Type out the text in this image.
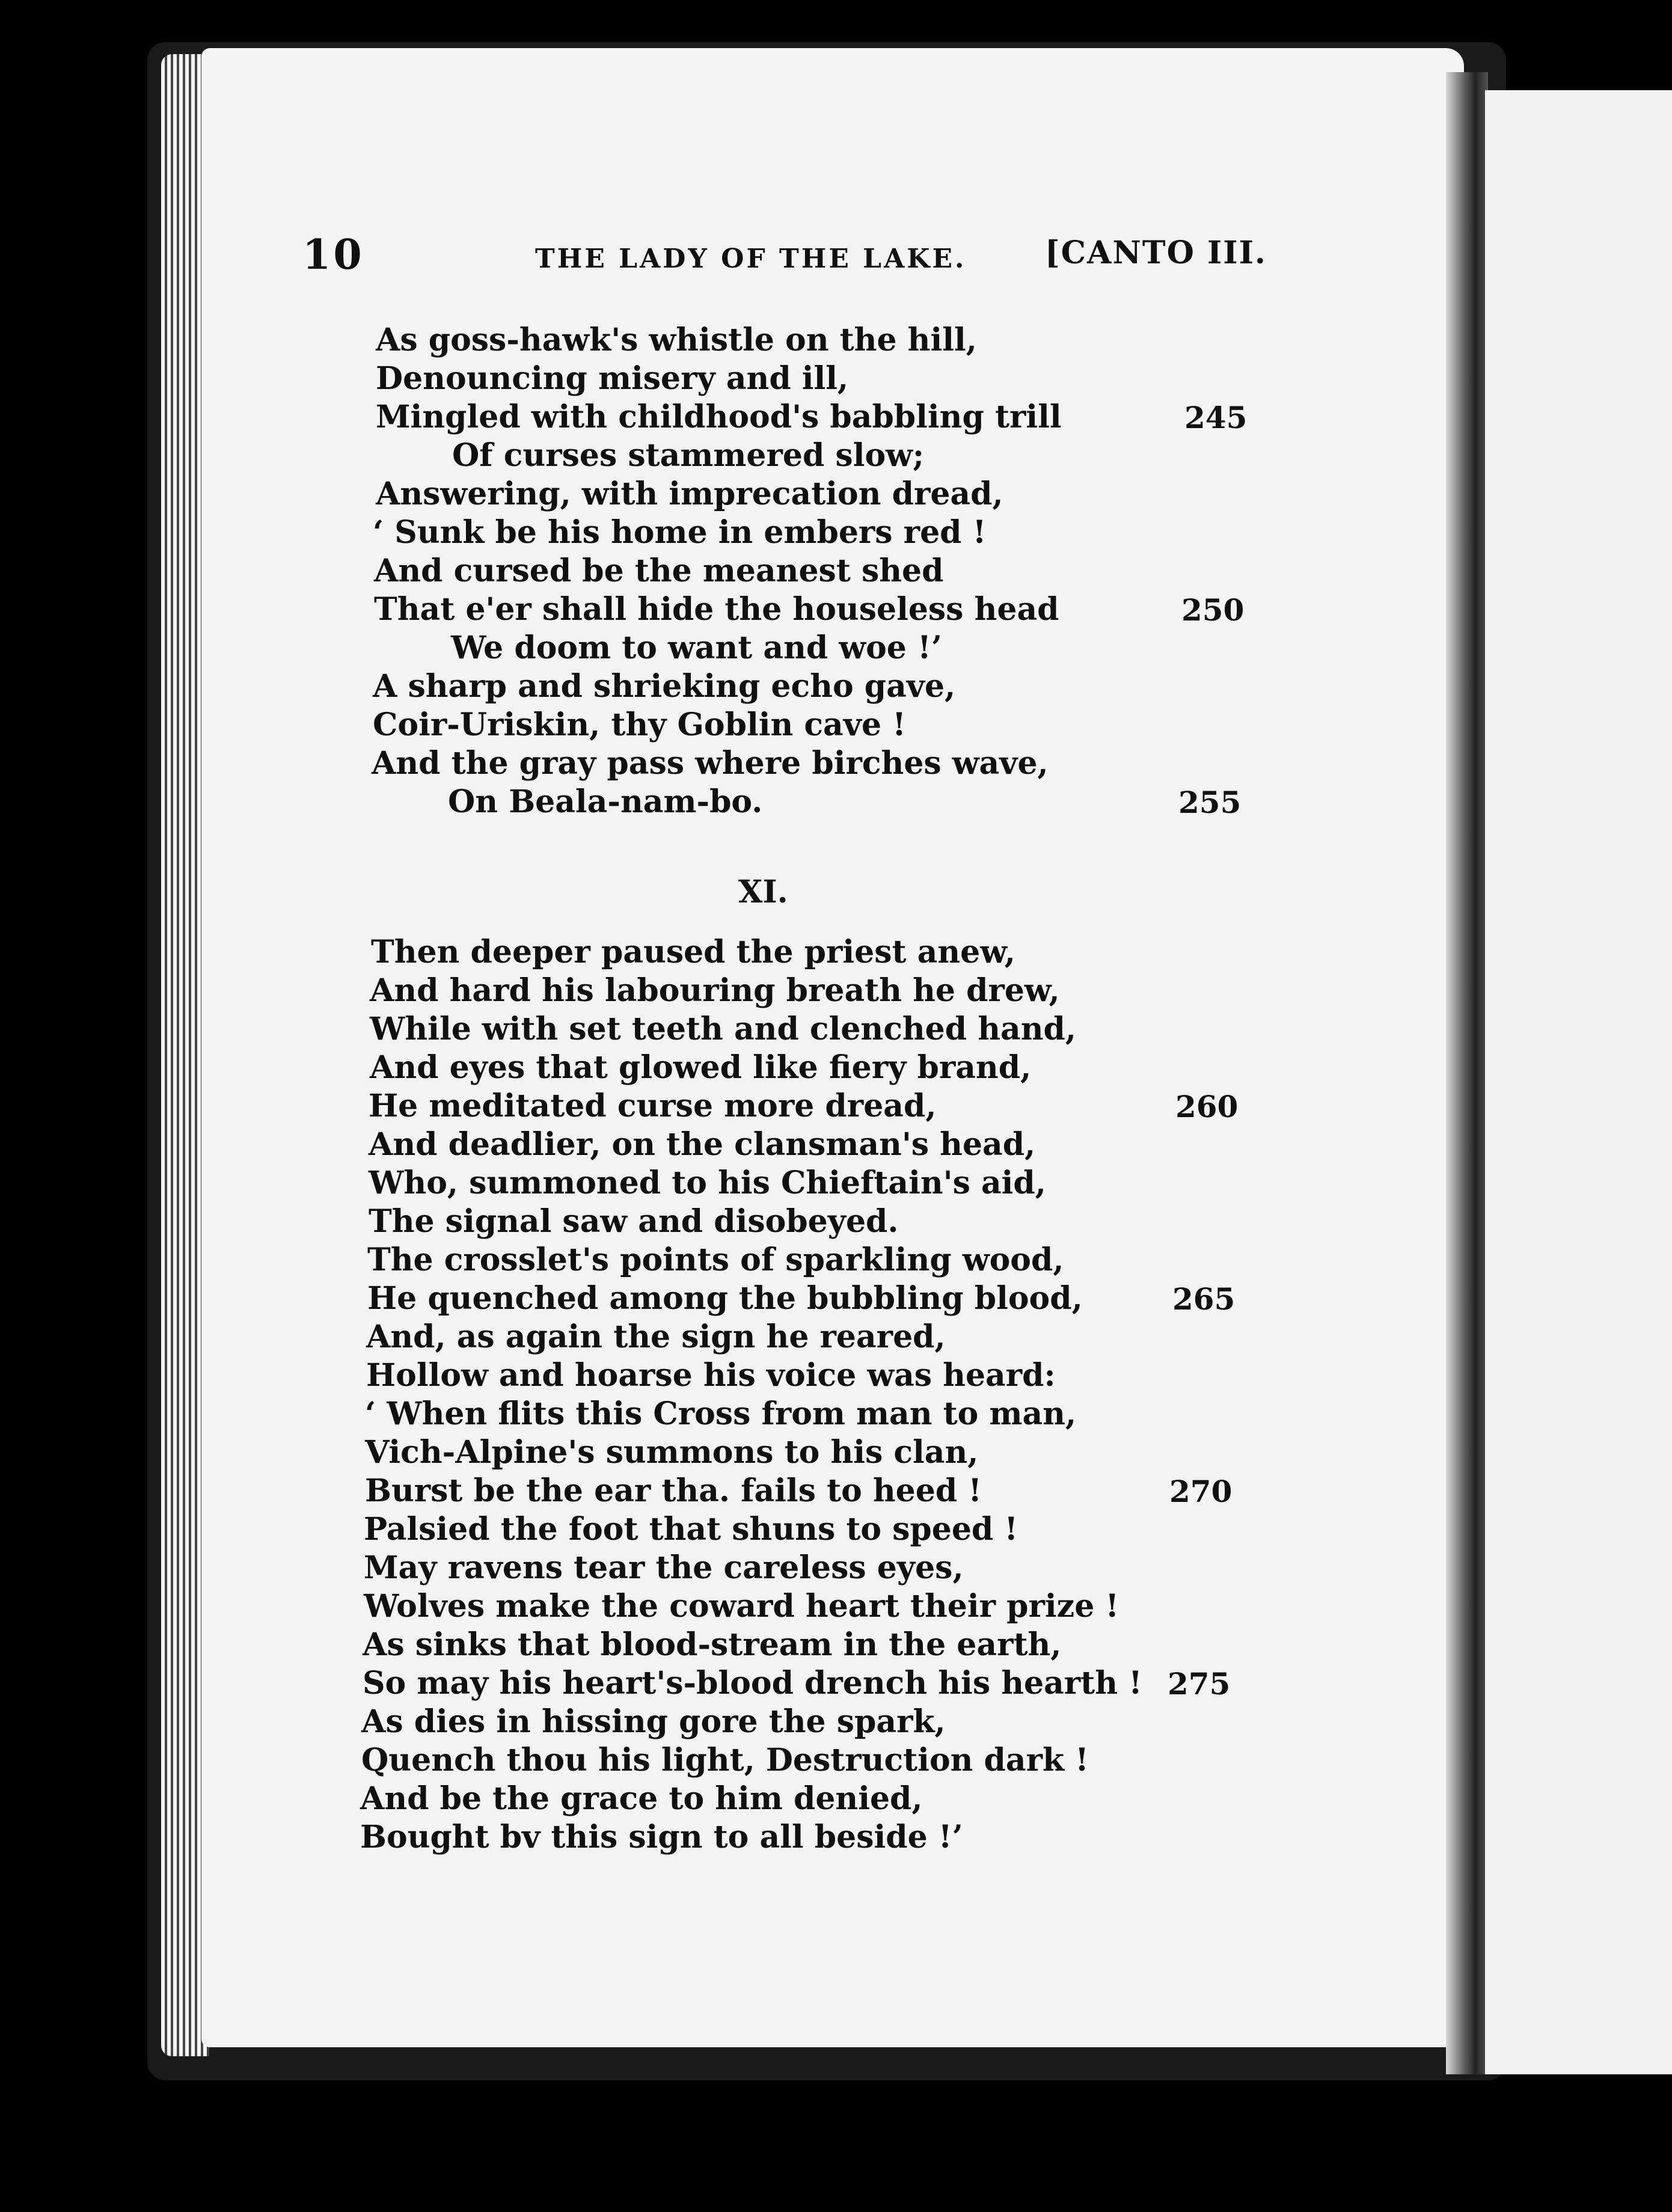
10	THE LADY OF THE LAKE.	[CANTO III.
As goss-hawk's whistle on the hill,
Denouncing misery and ill,
Mingled with childhood's babbling trill	245
Of curses stammered slow;
Answering, with imprecation dread,
‘ Sunk be his home in embers red !
And cursed be the meanest shed
That e'er shall hide the houseless head	250
We doom to want and woe !’
A sharp and shrieking echo gave,
Coir-Uriskin, thy Goblin cave !
And the gray pass where birches wave,
On Beala-nam-bo.	255
XI.
Then deeper paused the priest anew,
And hard his labouring breath he drew,
While with set teeth and clenched hand,
And eyes that glowed like fiery brand,
He meditated curse more dread,	260
And deadlier, on the clansman's head,
Who, summoned to his Chieftain's aid,
The signal saw and disobeyed.
The crosslet's points of sparkling wood,
He quenched among the bubbling blood,	265
And, as again the sign he reared,
Hollow and hoarse his voice was heard:
‘ When flits this Cross from man to man,
Vich-Alpine's summons to his clan,
Burst be the ear tha. fails to heed !	270
Palsied the foot that shuns to speed !
May ravens tear the careless eyes,
Wolves make the coward heart their prize !
As sinks that blood-stream in the earth,
So may his heart's-blood drench his hearth ! 275
As dies in hissing gore the spark,
Quench thou his light, Destruction dark !
And be the grace to him denied,
Bought bv this sign to all beside !’
